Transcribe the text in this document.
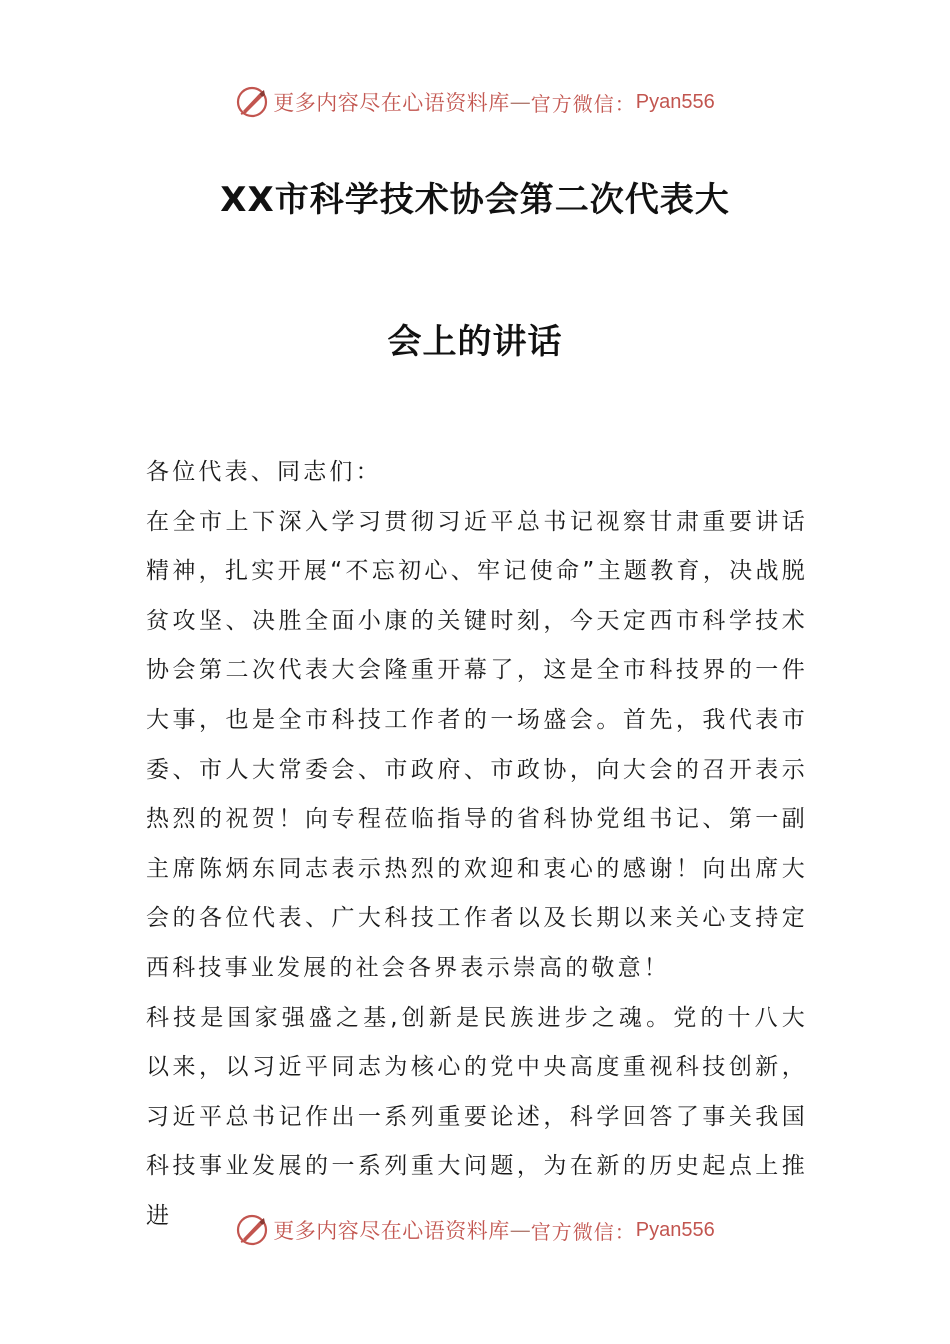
更多内容尽在心语资料库 — 官方微信： Pyan556
XX市科学技术协会第二次代表大
会上的讲话

各位代表、同志们：

在全市上下深入学习贯彻习近平总书记视察甘肃重要讲话精神，扎实开展“不忘初心、牢记使命”主题教育，决战脱贫攻坚、决胜全面小康的关键时刻，今天定西市科学技术协会第二次代表大会隆重开幕了，这是全市科技界的一件大事，也是全市科技工作者的一场盛会。首先，我代表市委、市人大常委会、市政府、市政协，向大会的召开表示热烈的祝贺！向专程莅临指导的省科协党组书记、第一副主席陈炳东同志表示热烈的欢迎和衷心的感谢！向出席大会的各位代表、广大科技工作者以及长期以来关心支持定西科技事业发展的社会各界表示崇高的敬意！

科技是国家强盛之基,创新是民族进步之魂。党的十八大以来，以习近平同志为核心的党中央高度重视科技创新，习近平总书记作出一系列重要论述，科学回答了事关我国科技事业发展的一系列重大问题，为在新的历史起点上推进

更多内容尽在心语资料库 — 官方微信： Pyan556
